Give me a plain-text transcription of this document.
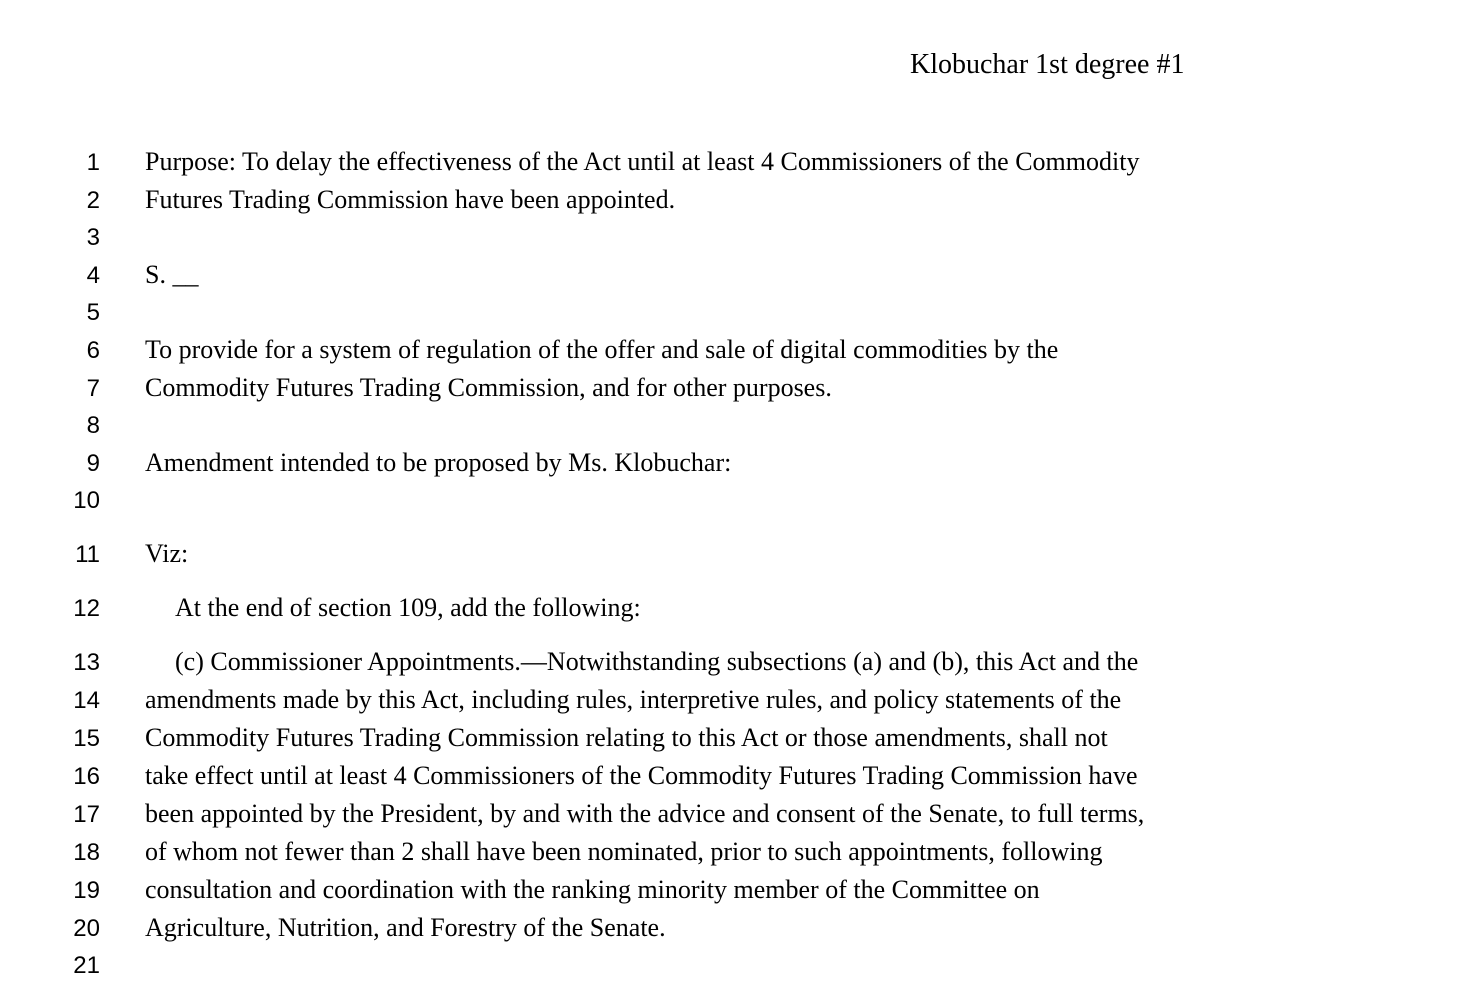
Klobuchar 1st degree #1
1	Purpose: To delay the effectiveness of the Act until at least 4 Commissioners of the Commodity
2	Futures Trading Commission have been appointed.
3
4	S. __
5
6	To provide for a system of regulation of the offer and sale of digital commodities by the
7	Commodity Futures Trading Commission, and for other purposes.
8
9	Amendment intended to be proposed by Ms. Klobuchar:
10
11	Viz:
12	At the end of section 109, add the following:
13	(c) Commissioner Appointments.—Notwithstanding subsections (a) and (b), this Act and the
14	amendments made by this Act, including rules, interpretive rules, and policy statements of the
15	Commodity Futures Trading Commission relating to this Act or those amendments, shall not
16	take effect until at least 4 Commissioners of the Commodity Futures Trading Commission have
17	been appointed by the President, by and with the advice and consent of the Senate, to full terms,
18	of whom not fewer than 2 shall have been nominated, prior to such appointments, following
19	consultation and coordination with the ranking minority member of the Committee on
20	Agriculture, Nutrition, and Forestry of the Senate.
21
